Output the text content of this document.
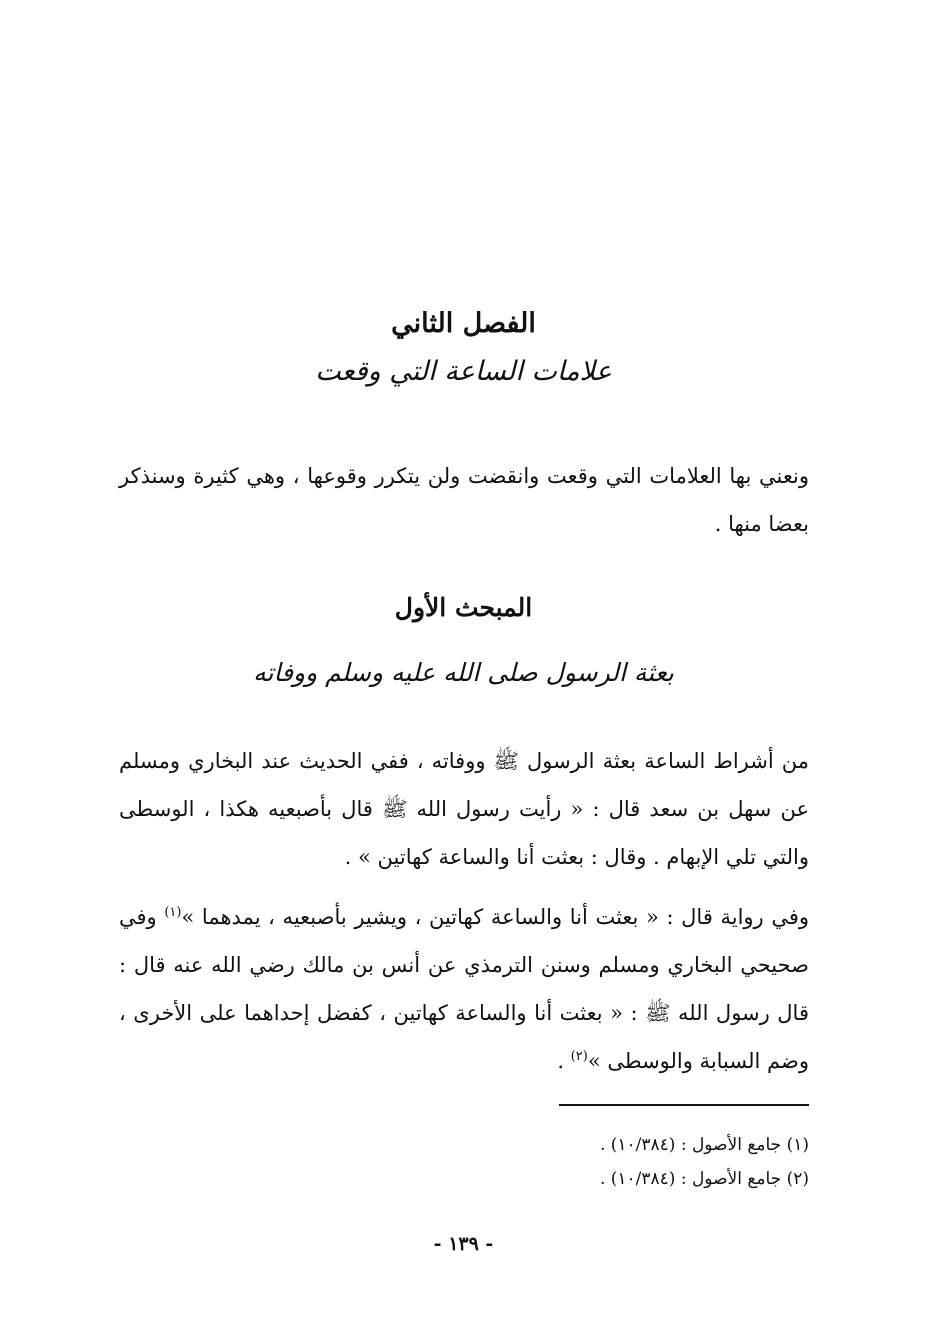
الفصل الثاني
علامات الساعة التي وقعت
ونعني بها العلامات التي وقعت وانقضت ولن يتكرر وقوعها ، وهي كثيرة وسنذكر بعضا منها .
المبحث الأول
بعثة الرسول صلى الله عليه وسلم ووفاته
من أشراط الساعة بعثة الرسول ﷺ ووفاته ، ففي الحديث عند البخاري ومسلم عن سهل بن سعد قال : « رأيت رسول الله ﷺ قال بأصبعيه هكذا ، الوسطى والتي تلي الإبهام . وقال : بعثت أنا والساعة كهاتين » .

وفي رواية قال : « بعثت أنا والساعة كهاتين ، ويشير بأصبعيه ، يمدهما »$^{(١)}$ وفي صحيحي البخاري ومسلم وسنن الترمذي عن أنس بن مالك رضي الله عنه قال : قال رسول الله ﷺ : « بعثت أنا والساعة كهاتين ، كفضل إحداهما على الأخرى ، وضم السبابة والوسطى »$^{(٢)}$ .

(١) جامع الأصول : (١٠/٣٨٤) .
(٢) جامع الأصول : (١٠/٣٨٤) .
- ١٣٩ -
